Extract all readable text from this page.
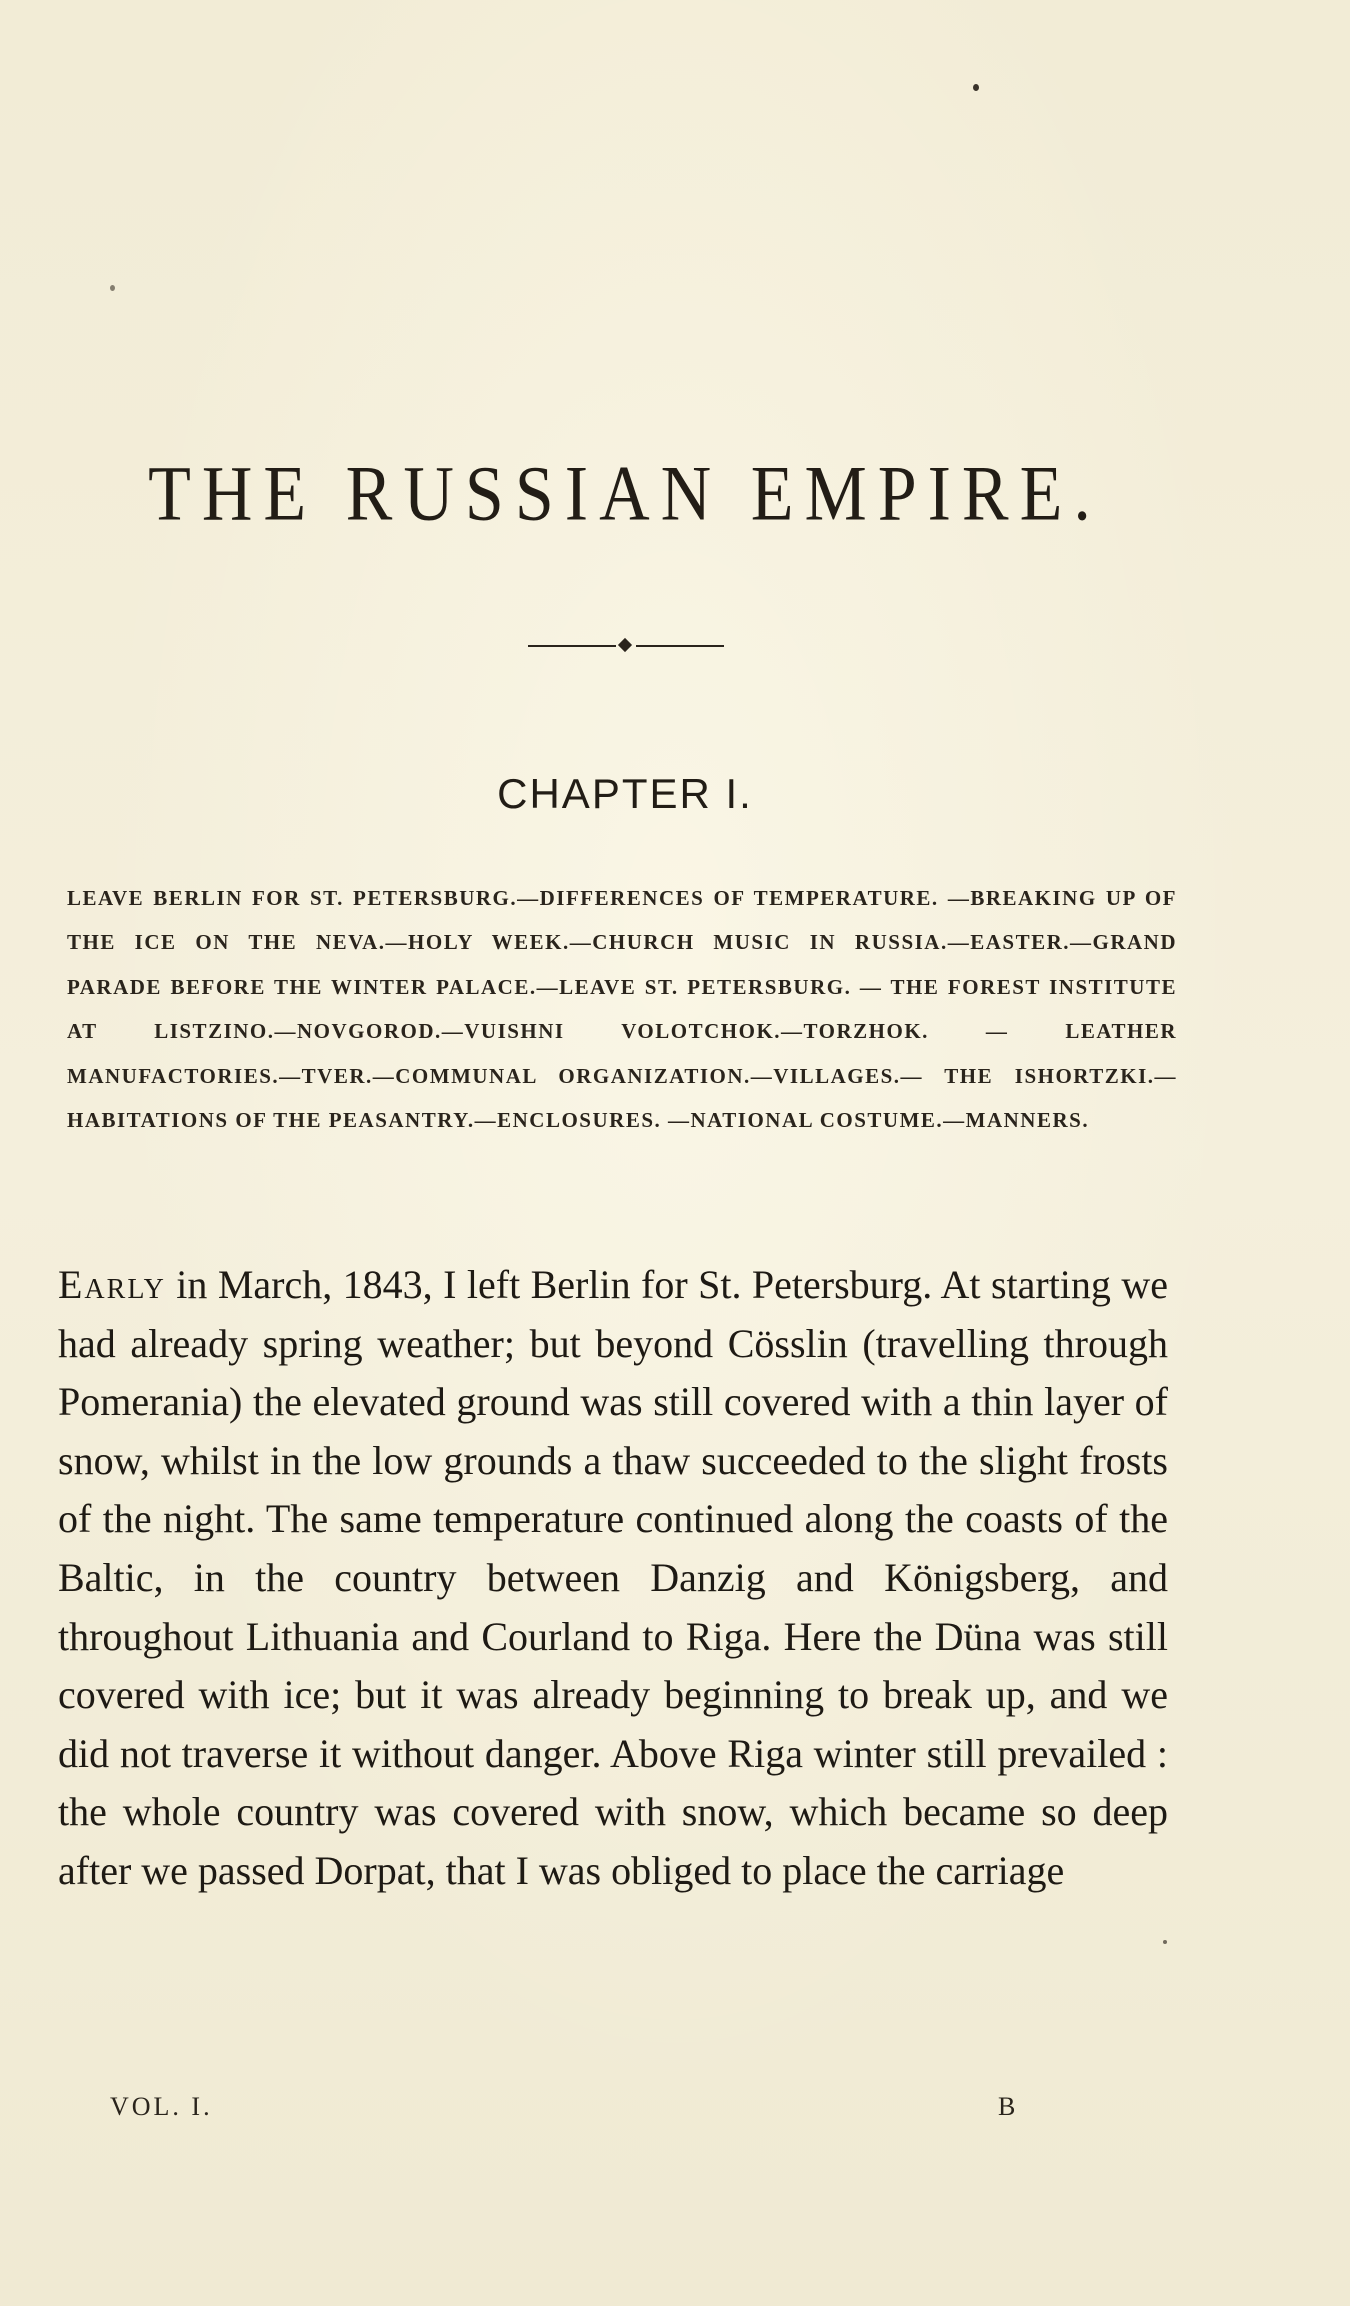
THE RUSSIAN EMPIRE.
CHAPTER I.

LEAVE BERLIN FOR ST. PETERSBURG.—DIFFERENCES OF TEMPERATURE. —BREAKING UP OF THE ICE ON THE NEVA.—HOLY WEEK.—CHURCH MUSIC IN RUSSIA.—EASTER.—GRAND PARADE BEFORE THE WINTER PALACE.—LEAVE ST. PETERSBURG. — THE FOREST INSTITUTE AT LISTZINO.—NOVGOROD.—VUISHNI VOLOTCHOK.—TORZHOK. — LEATHER MANUFACTORIES.—TVER.—COMMUNAL ORGANIZATION.—VILLAGES.— THE ISHORTZKI.—HABITATIONS OF THE PEASANTRY.—ENCLOSURES. —NATIONAL COSTUME.—MANNERS.

Early in March, 1843, I left Berlin for St. Petersburg. At starting we had already spring weather; but beyond Cösslin (travelling through Pomerania) the elevated ground was still covered with a thin layer of snow, whilst in the low grounds a thaw succeeded to the slight frosts of the night. The same temperature continued along the coasts of the Baltic, in the country between Danzig and Königsberg, and throughout Lithuania and Courland to Riga. Here the Düna was still covered with ice; but it was already beginning to break up, and we did not traverse it without danger. Above Riga winter still prevailed : the whole country was covered with snow, which became so deep after we passed Dorpat, that I was obliged to place the carriage

VOL. I.	B
